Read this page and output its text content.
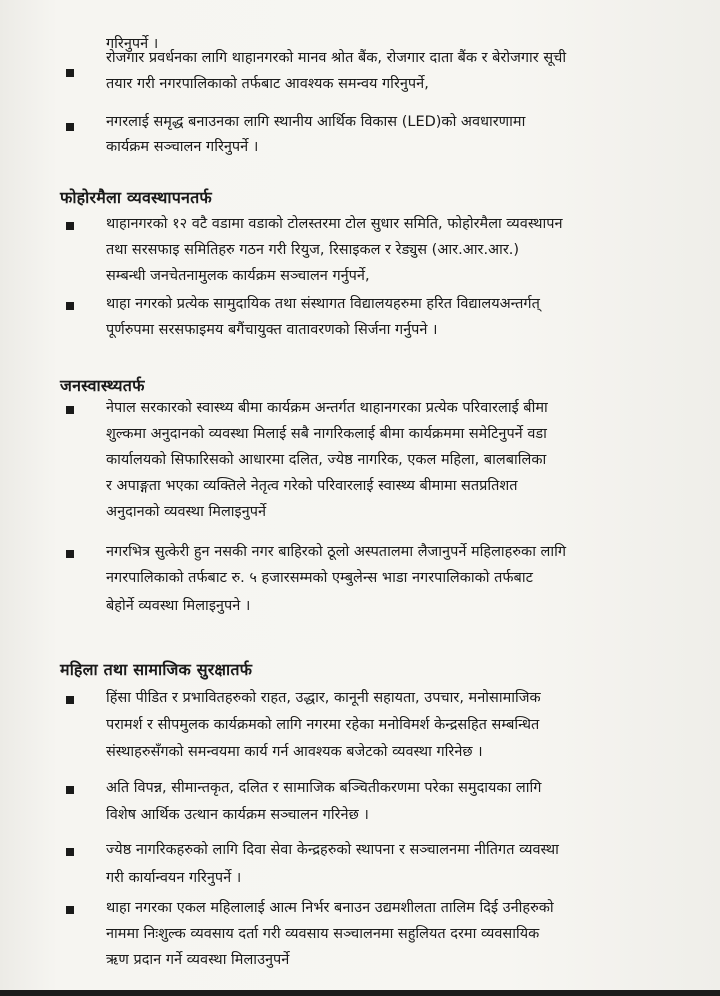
गरिनुपर्ने ।
रोजगार प्रवर्धनका लागि थाहानगरको मानव श्रोत बैंक, रोजगार दाता बैंक र बेरोजगार सूची
तयार गरी नगरपालिकाको तर्फबाट आवश्यक समन्वय गरिनुपर्ने,
नगरलाई समृद्ध बनाउनका लागि स्थानीय आर्थिक विकास (LED)को अवधारणामा
कार्यक्रम सञ्चालन गरिनुपर्ने ।
फोहोरमैला व्यवस्थापनतर्फ
थाहानगरको १२ वटै वडामा वडाको टोलस्तरमा टोल सुधार समिति, फोहोरमैला व्यवस्थापन
तथा सरसफाइ समितिहरु गठन गरी रियुज, रिसाइकल र रेड्युस (आर.आर.आर.)
सम्बन्धी जनचेतनामुलक कार्यक्रम सञ्चालन गर्नुपर्ने,
थाहा नगरको प्रत्येक सामुदायिक तथा संस्थागत विद्यालयहरुमा हरित विद्यालयअन्तर्गत्
पूर्णरुपमा सरसफाइमय बगैंचायुक्त वातावरणको सिर्जना गर्नुपने ।
जनस्वास्थ्यतर्फ
नेपाल सरकारको स्वास्थ्य बीमा कार्यक्रम अन्तर्गत थाहानगरका प्रत्येक परिवारलाई बीमा
शुल्कमा अनुदानको व्यवस्था मिलाई सबै नागरिकलाई बीमा कार्यक्रममा समेटिनुपर्ने वडा
कार्यालयको सिफारिसको आधारमा दलित, ज्येष्ठ नागरिक, एकल महिला, बालबालिका
र अपाङ्गता भएका व्यक्तिले नेतृत्व गरेको परिवारलाई स्वास्थ्य बीमामा सतप्रतिशत
अनुदानको व्यवस्था मिलाइनुपर्ने
नगरभित्र सुत्केरी हुन नसकी नगर बाहिरको ठूलो अस्पतालमा लैजानुपर्ने महिलाहरुका लागि
नगरपालिकाको तर्फबाट रु. ५ हजारसम्मको एम्बुलेन्स भाडा नगरपालिकाको तर्फबाट
बेहोर्ने व्यवस्था मिलाइनुपने ।
महिला तथा सामाजिक सुरक्षातर्फ
हिंसा पीडित र प्रभावितहरुको राहत, उद्धार, कानूनी सहायता, उपचार, मनोसामाजिक
परामर्श र सीपमुलक कार्यक्रमको लागि नगरमा रहेका मनोविमर्श केन्द्रसहित सम्बन्धित
संस्थाहरुसँगको समन्वयमा कार्य गर्न आवश्यक बजेटको व्यवस्था गरिनेछ ।
अति विपन्न, सीमान्तकृत, दलित र सामाजिक बञ्चितीकरणमा परेका समुदायका लागि
विशेष आर्थिक उत्थान कार्यक्रम सञ्चालन गरिनेछ ।
ज्येष्ठ नागरिकहरुको लागि दिवा सेवा केन्द्रहरुको स्थापना र सञ्चालनमा नीतिगत व्यवस्था
गरी कार्यान्वयन गरिनुपर्ने ।
थाहा नगरका एकल महिलालाई आत्म निर्भर बनाउन उद्यमशीलता तालिम दिई उनीहरुको
नाममा निःशुल्क व्यवसाय दर्ता गरी व्यवसाय सञ्चालनमा सहुलियत दरमा व्यवसायिक
ऋण प्रदान गर्ने व्यवस्था मिलाउनुपर्ने
